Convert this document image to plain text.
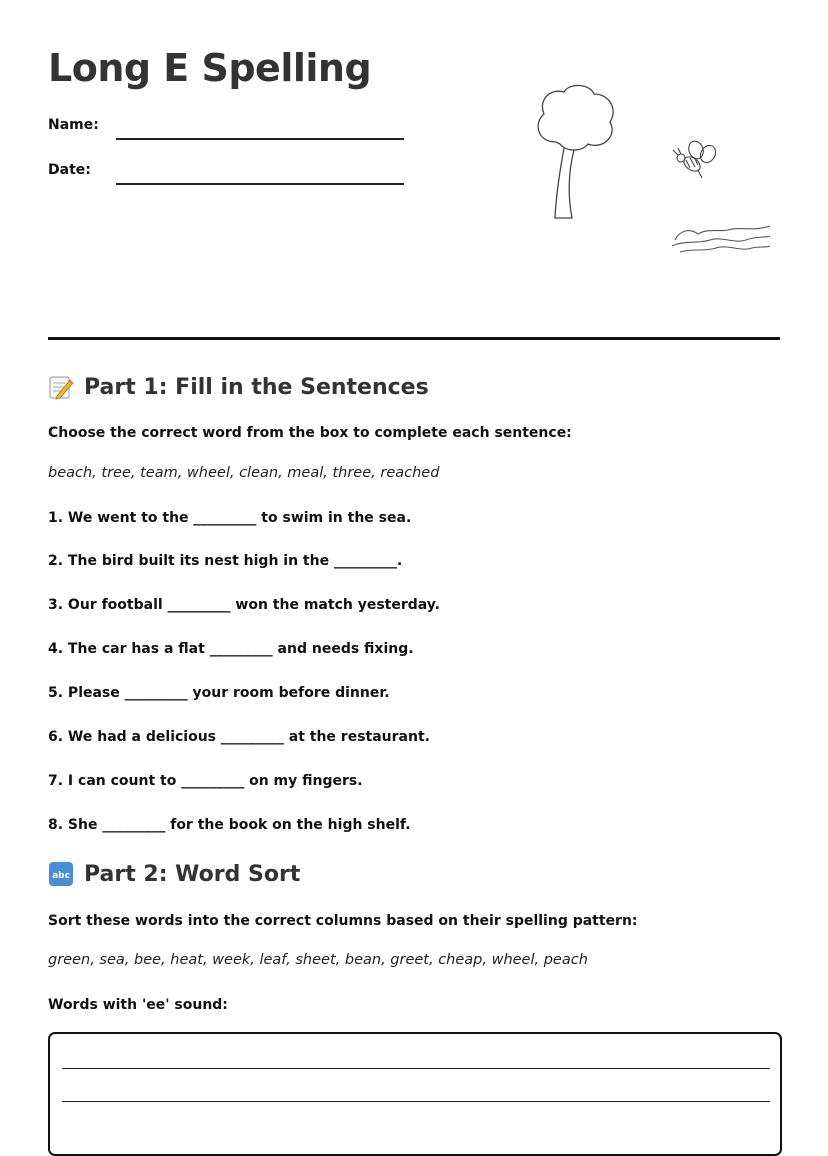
Long E Spelling
Name:
Date:
Part 1: Fill in the Sentences
Choose the correct word from the box to complete each sentence:
beach, tree, team, wheel, clean, meal, three, reached

1. We went to the _________ to swim in the sea.

2. The bird built its nest high in the _________.

3. Our football _________ won the match yesterday.

4. The car has a flat _________ and needs fixing.

5. Please _________ your room before dinner.

6. We had a delicious _________ at the restaurant.

7. I can count to _________ on my fingers.

8. She _________ for the book on the high shelf.

abc Part 2: Word Sort
Sort these words into the correct columns based on their spelling pattern:
green, sea, bee, heat, week, leaf, sheet, bean, greet, cheap, wheel, peach
Words with 'ee' sound:
